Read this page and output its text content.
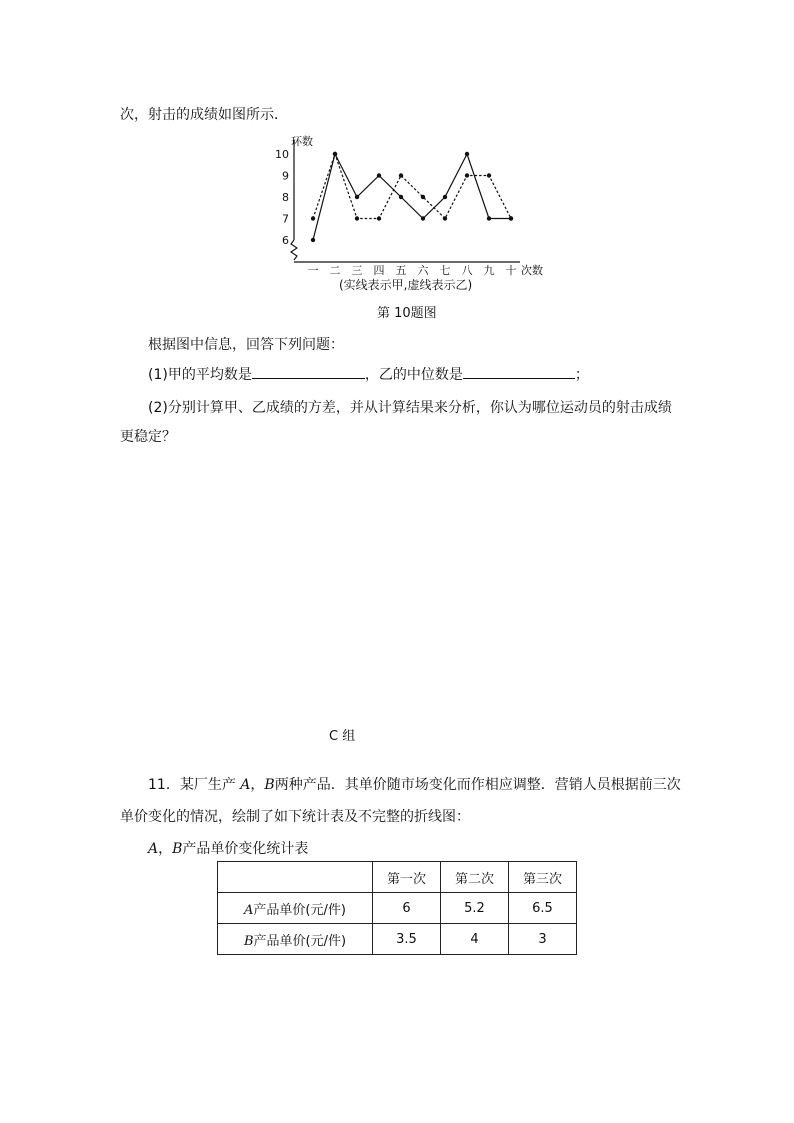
次，射击的成绩如图所示．
环数
6
7
8
9
10
一 二 三 四 五 六 七 八 九 十 次数
(实线表示甲,虚线表示乙)
第 10题图
根据图中信息，回答下列问题：
(1)甲的平均数是	，乙的中位数是	；
(2)分别计算甲、乙成绩的方差，并从计算结果来分析，你认为哪位运动员的射击成绩
更稳定？
C 组
11．某厂生产 A，B两种产品．其单价随市场变化而作相应调整．营销人员根据前三次
单价变化的情况，绘制了如下统计表及不完整的折线图：
A，B产品单价变化统计表
	第一次	第二次	第三次
A产品单价(元/件)	6	5.2	6.5
B产品单价(元/件)	3.5	4	3
